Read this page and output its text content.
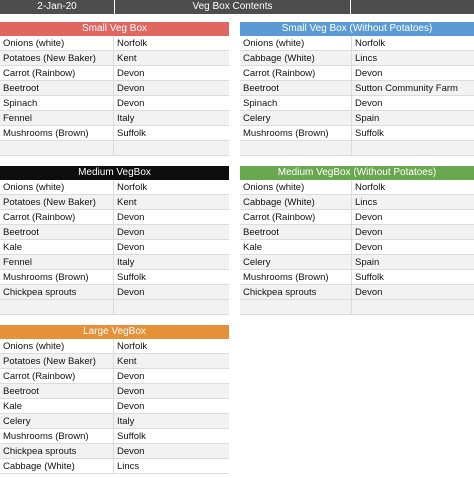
2-Jan-20	Veg Box Contents
Small Veg Box
Onions (white)	Norfolk
Potatoes (New Baker)	Kent
Carrot (Rainbow)	Devon
Beetroot	Devon
Spinach	Devon
Fennel	Italy
Mushrooms (Brown)	Suffolk
Small Veg Box (Without Potatoes)
Onions (white)	Norfolk
Cabbage (White)	Lincs
Carrot (Rainbow)	Devon
Beetroot	Sutton Community Farm
Spinach	Devon
Celery	Spain
Mushrooms (Brown)	Suffolk
Medium VegBox
Onions (white)	Norfolk
Potatoes (New Baker)	Kent
Carrot (Rainbow)	Devon
Beetroot	Devon
Kale	Devon
Fennel	Italy
Mushrooms (Brown)	Suffolk
Chickpea sprouts	Devon
Medium VegBox (Without Potatoes)
Onions (white)	Norfolk
Cabbage (White)	Lincs
Carrot (Rainbow)	Devon
Beetroot	Devon
Kale	Devon
Celery	Spain
Mushrooms (Brown)	Suffolk
Chickpea sprouts	Devon
Large VegBox
Onions (white)	Norfolk
Potatoes (New Baker)	Kent
Carrot (Rainbow)	Devon
Beetroot	Devon
Kale	Devon
Celery	Italy
Mushrooms (Brown)	Suffolk
Chickpea sprouts	Devon
Cabbage (White)	Lincs
